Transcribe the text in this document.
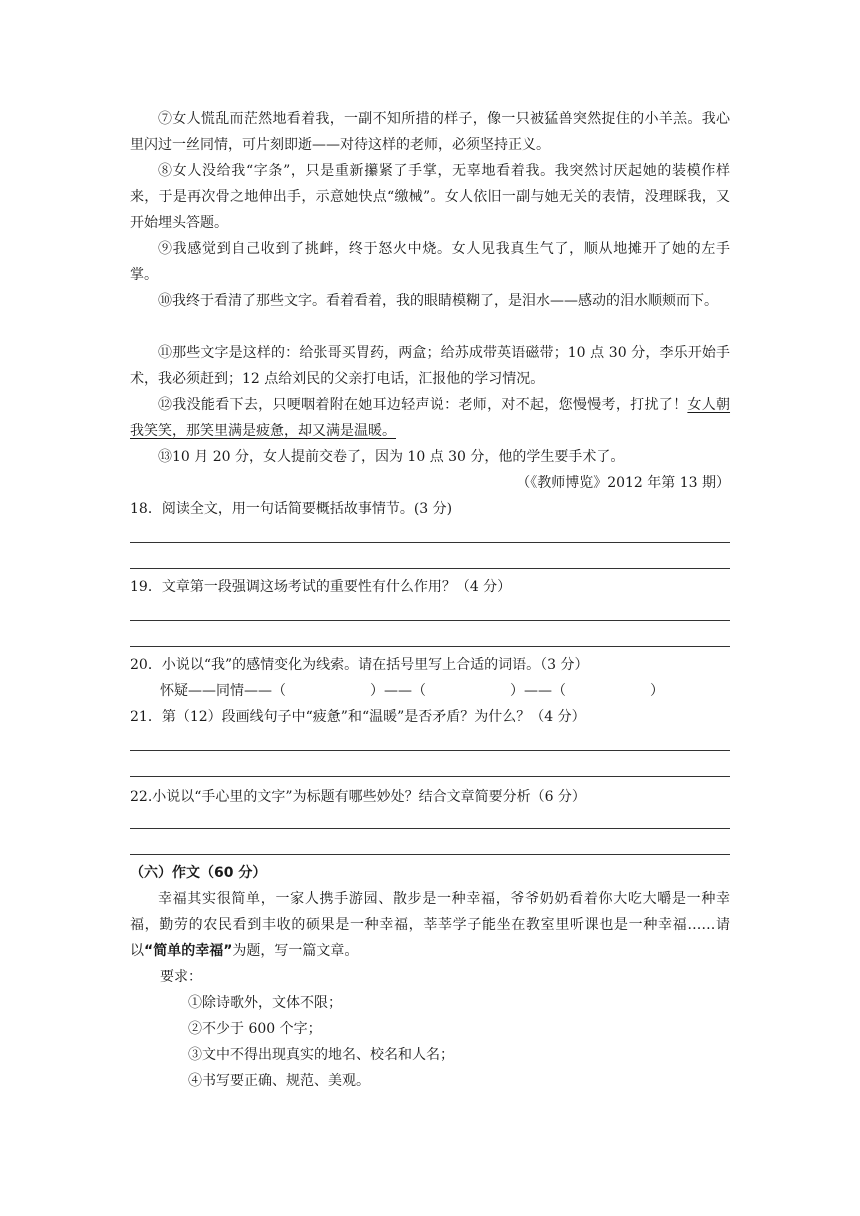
⑦女人慌乱而茫然地看着我，一副不知所措的样子，像一只被猛兽突然捉住的小羊羔。我心里闪过一丝同情，可片刻即逝——对待这样的老师，必须坚持正义。
⑧女人没给我“字条”，只是重新攥紧了手掌，无辜地看着我。我突然讨厌起她的装模作样来，于是再次骨之地伸出手，示意她快点“缴械”。女人依旧一副与她无关的表情，没理睬我，又开始埋头答题。
⑨我感觉到自己收到了挑衅，终于怒火中烧。女人见我真生气了，顺从地摊开了她的左手掌。
⑩我终于看清了那些文字。看着看着，我的眼睛模糊了，是泪水——感动的泪水顺颊而下。
⑪那些文字是这样的：给张哥买胃药，两盒；给苏成带英语磁带；10 点 30 分，李乐开始手术，我必须赶到；12 点给刘民的父亲打电话，汇报他的学习情况。
⑫我没能看下去，只哽咽着附在她耳边轻声说：老师，对不起，您慢慢考，打扰了！女人朝我笑笑，那笑里满是疲惫，却又满是温暖。
⑬10 月 20 分，女人提前交卷了，因为 10 点 30 分，他的学生要手术了。
（《教师博览》2012 年第 13 期）
18．阅读全文，用一句话简要概括故事情节。(3 分)
19．文章第一段强调这场考试的重要性有什么作用？（4 分）
20．小说以“我”的感情变化为线索。请在括号里写上合适的词语。（3 分）
怀疑——同情——（　　　　　　）——（　　　　　　）——（　　　　　　）
21．第（12）段画线句子中“疲惫”和“温暖”是否矛盾？为什么？（4 分）
22.小说以“手心里的文字”为标题有哪些妙处？结合文章简要分析（6 分）
（六）作文（60 分）
幸福其实很简单，一家人携手游园、散步是一种幸福，爷爷奶奶看着你大吃大嚼是一种幸福，勤劳的农民看到丰收的硕果是一种幸福，莘莘学子能坐在教室里听课也是一种幸福……请以“简单的幸福”为题，写一篇文章。
要求：
①除诗歌外，文体不限；
②不少于 600 个字；
③文中不得出现真实的地名、校名和人名；
④书写要正确、规范、美观。
